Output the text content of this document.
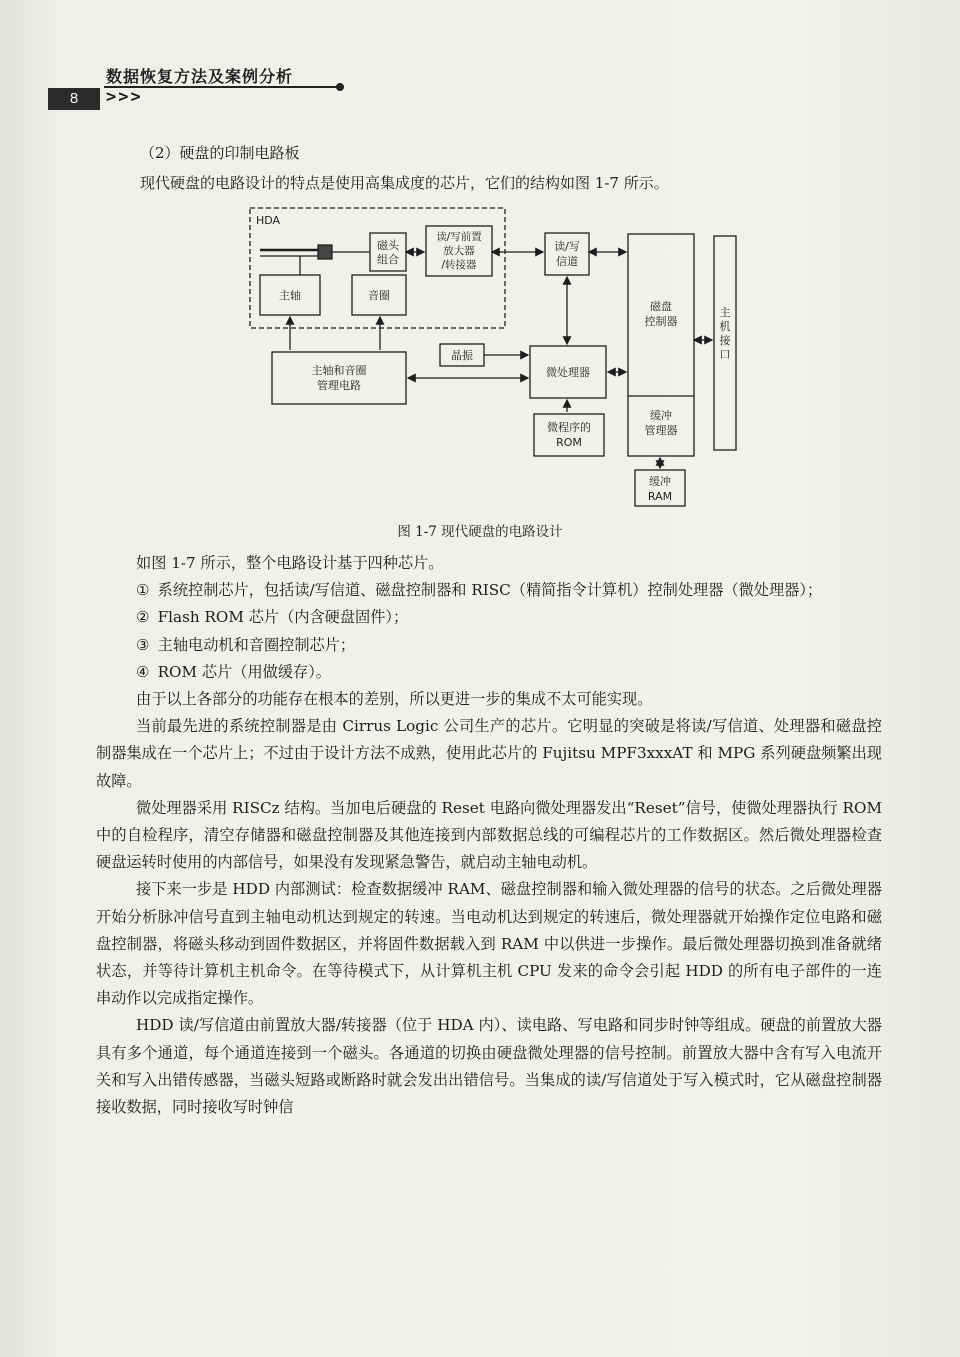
数据恢复方法及案例分析
8	>>>
（2）硬盘的印制电路板
现代硬盘的电路设计的特点是使用高集成度的芯片，它们的结构如图 1-7 所示。
HDA
磁头
组合
读/写前置
放大器
/转接器
主轴	音圈
读/写
信道
磁盘
控制器
主
机
接
口
晶振
主轴和音圈
管理电路
微处理器
微程序的
ROM
缓冲
管理器
缓冲
RAM
图 1-7 现代硬盘的电路设计

如图 1-7 所示，整个电路设计基于四种芯片。

① 系统控制芯片，包括读/写信道、磁盘控制器和 RISC（精简指令计算机）控制处理器（微处理器）；

② Flash ROM 芯片（内含硬盘固件）；

③ 主轴电动机和音圈控制芯片；

④ ROM 芯片（用做缓存）。

由于以上各部分的功能存在根本的差别，所以更进一步的集成不太可能实现。

当前最先进的系统控制器是由 Cirrus Logic 公司生产的芯片。它明显的突破是将读/写信道、处理器和磁盘控制器集成在一个芯片上；不过由于设计方法不成熟，使用此芯片的 Fujitsu MPF3xxxAT 和 MPG 系列硬盘频繁出现故障。

微处理器采用 RISCz 结构。当加电后硬盘的 Reset 电路向微处理器发出“Reset”信号，使微处理器执行 ROM 中的自检程序，清空存储器和磁盘控制器及其他连接到内部数据总线的可编程芯片的工作数据区。然后微处理器检查硬盘运转时使用的内部信号，如果没有发现紧急警告，就启动主轴电动机。

接下来一步是 HDD 内部测试：检查数据缓冲 RAM、磁盘控制器和输入微处理器的信号的状态。之后微处理器开始分析脉冲信号直到主轴电动机达到规定的转速。当电动机达到规定的转速后，微处理器就开始操作定位电路和磁盘控制器，将磁头移动到固件数据区，并将固件数据载入到 RAM 中以供进一步操作。最后微处理器切换到准备就绪状态，并等待计算机主机命令。在等待模式下，从计算机主机 CPU 发来的命令会引起 HDD 的所有电子部件的一连串动作以完成指定操作。

HDD 读/写信道由前置放大器/转接器（位于 HDA 内）、读电路、写电路和同步时钟等组成。硬盘的前置放大器具有多个通道，每个通道连接到一个磁头。各通道的切换由硬盘微处理器的信号控制。前置放大器中含有写入电流开关和写入出错传感器，当磁头短路或断路时就会发出出错信号。当集成的读/写信道处于写入模式时，它从磁盘控制器接收数据，同时接收写时钟信
